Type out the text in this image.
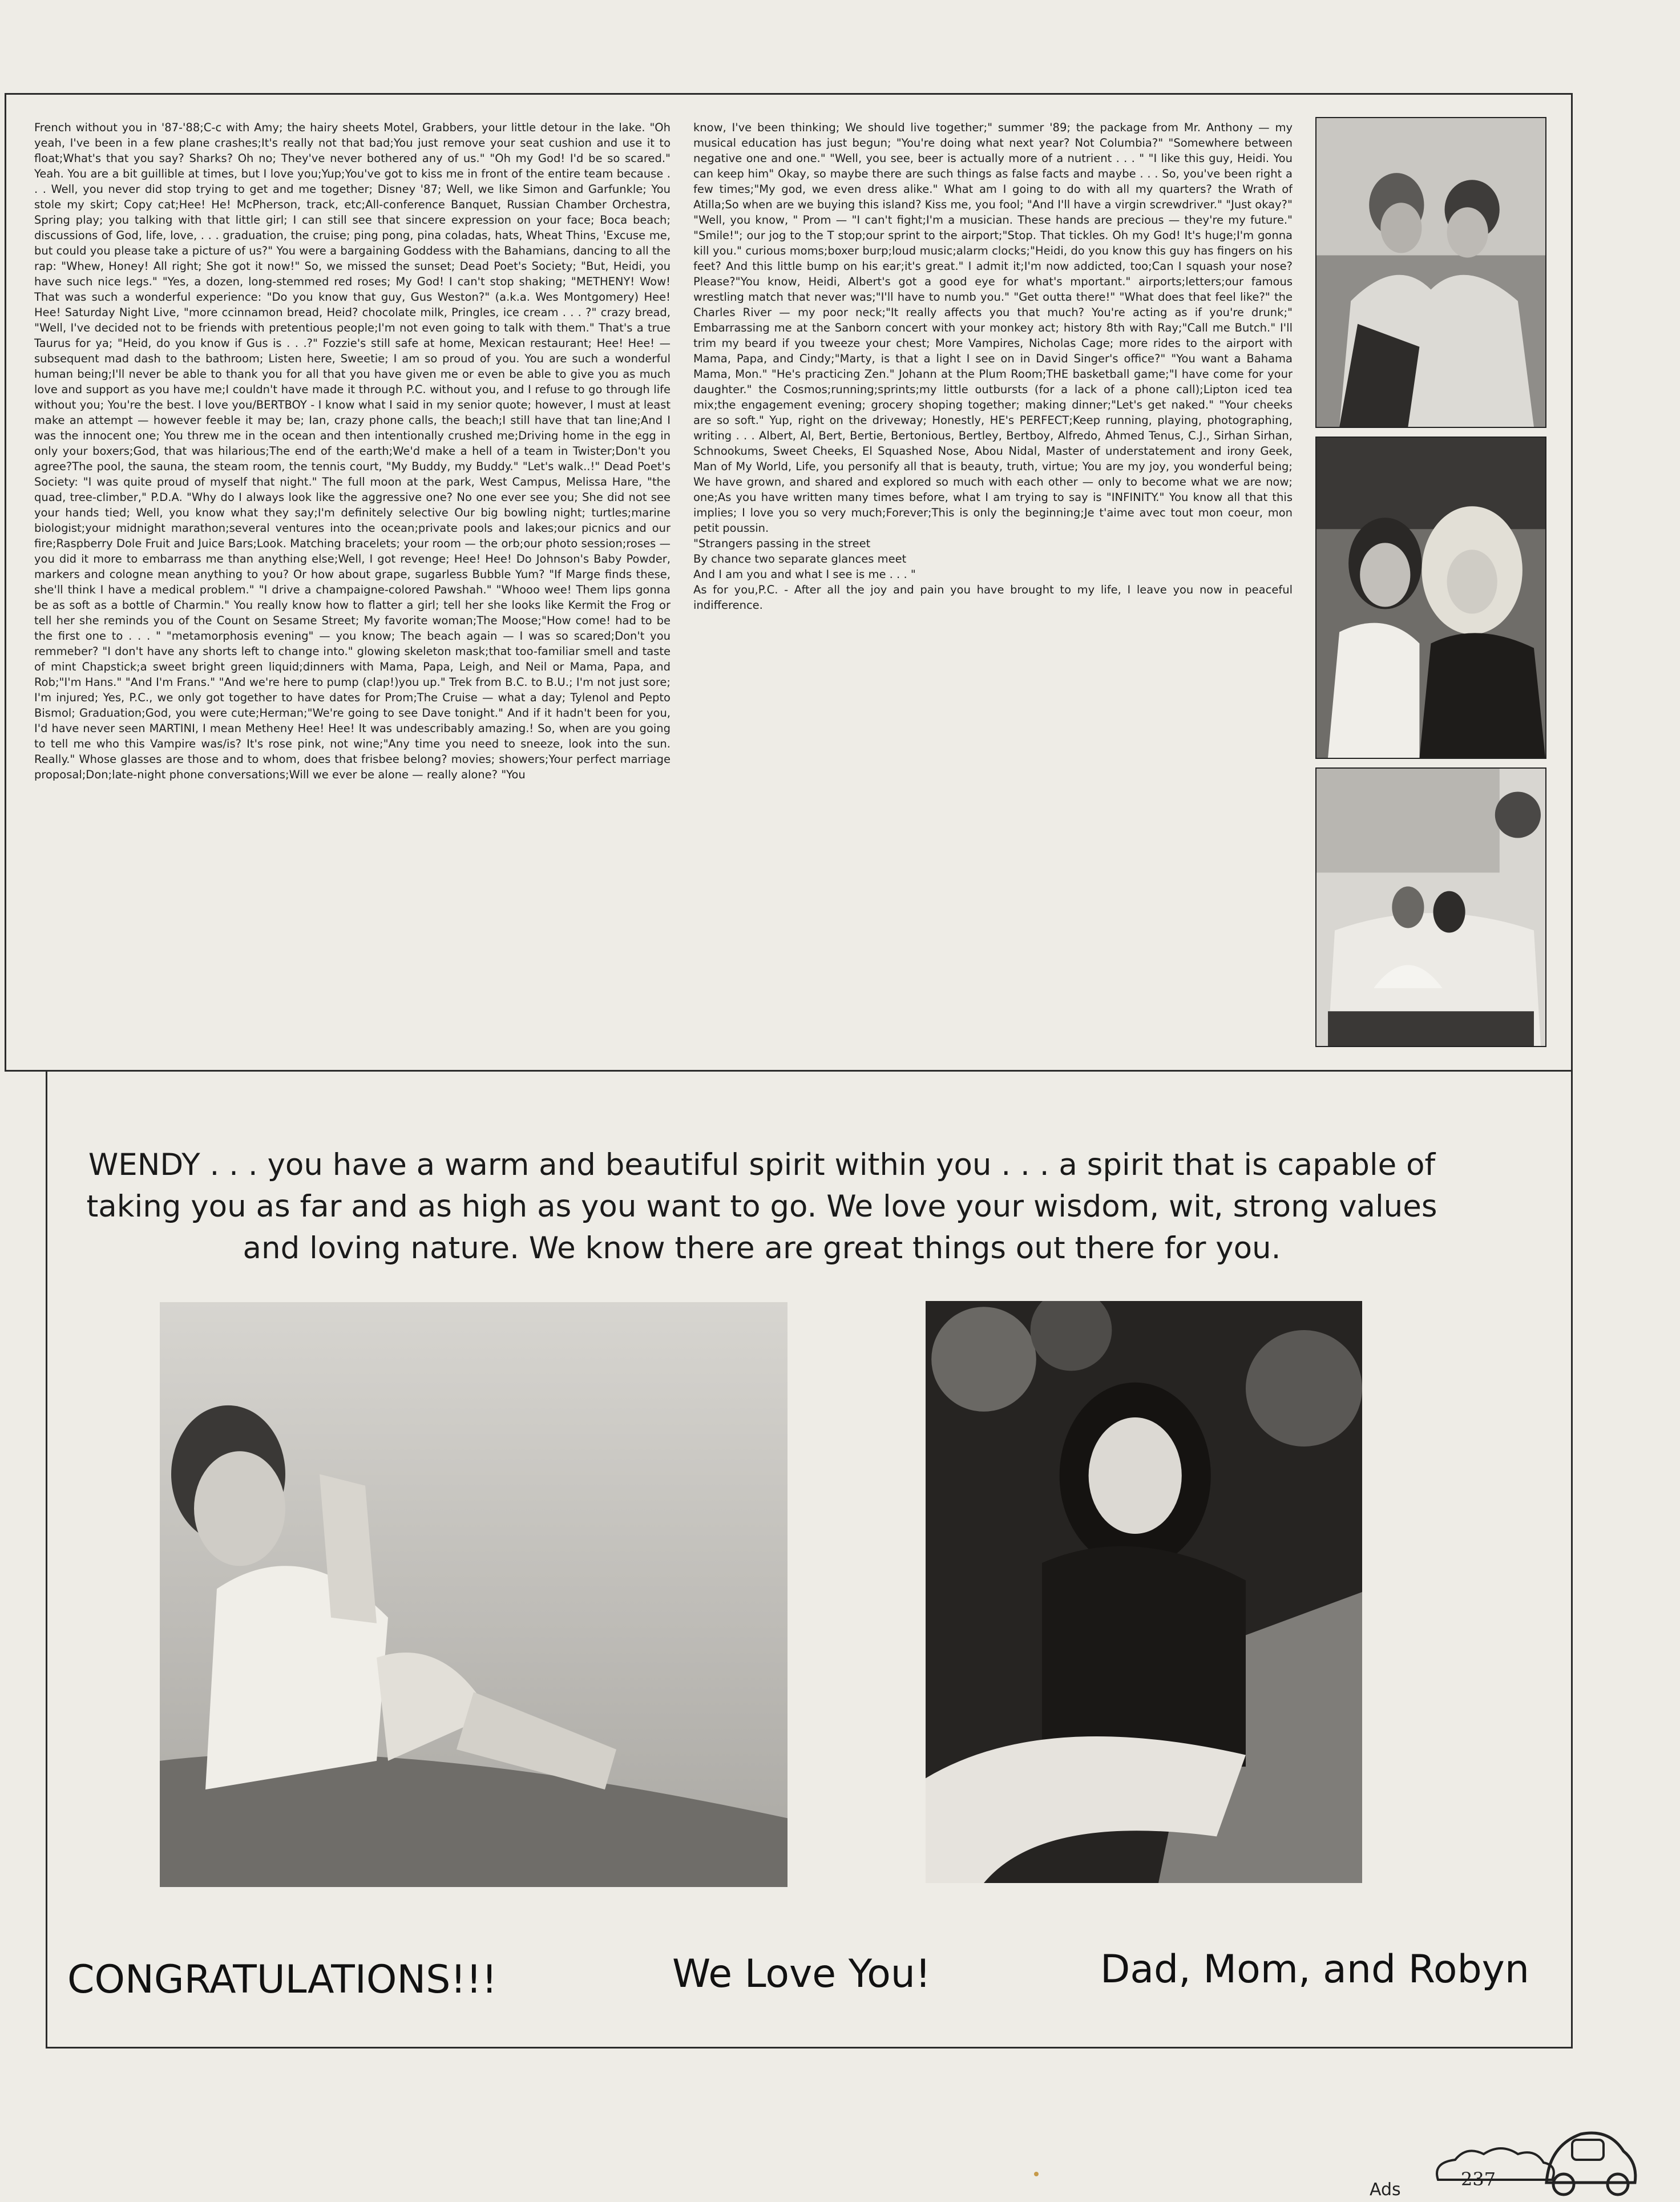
French without you in '87-'88;C-c with Amy; the hairy sheets Motel, Grabbers, your little detour in the lake. "Oh yeah, I've been in a few plane crashes;It's really not that bad;You just remove your seat cushion and use it to float;What's that you say? Sharks? Oh no; They've never bothered any of us." "Oh my God! I'd be so scared." Yeah. You are a bit guillible at times, but I love you;Yup;You've got to kiss me in front of the entire team because . . . Well, you never did stop trying to get and me together; Disney '87; Well, we like Simon and Garfunkle; You stole my skirt; Copy cat;Hee! He! McPherson, track, etc;All-conference Banquet, Russian Chamber Orchestra, Spring play; you talking with that little girl; I can still see that sincere expression on your face; Boca beach; discussions of God, life, love, . . . graduation, the cruise; ping pong, pina coladas, hats, Wheat Thins, 'Excuse me, but could you please take a picture of us?" You were a bargaining Goddess with the Bahamians, dancing to all the rap: "Whew, Honey! All right; She got it now!" So, we missed the sunset; Dead Poet's Society; "But, Heidi, you have such nice legs." "Yes, a dozen, long-stemmed red roses; My God! I can't stop shaking; "METHENY! Wow! That was such a wonderful experience: "Do you know that guy, Gus Weston?" (a.k.a. Wes Montgomery) Hee! Hee! Saturday Night Live, "more ccinnamon bread, Heid? chocolate milk, Pringles, ice cream . . . ?" crazy bread, "Well, I've decided not to be friends with pretentious people;I'm not even going to talk with them." That's a true Taurus for ya; "Heid, do you know if Gus is . . .?" Fozzie's still safe at home, Mexican restaurant; Hee! Hee! — subsequent mad dash to the bathroom; Listen here, Sweetie; I am so proud of you. You are such a wonderful human being;I'll never be able to thank you for all that you have given me or even be able to give you as much love and support as you have me;I couldn't have made it through P.C. without you, and I refuse to go through life without you; You're the best. I love you/BERTBOY - I know what I said in my senior quote; however, I must at least make an attempt — however feeble it may be; Ian, crazy phone calls, the beach;I still have that tan line;And I was the innocent one; You threw me in the ocean and then intentionally crushed me;Driving home in the egg in only your boxers;God, that was hilarious;The end of the earth;We'd make a hell of a team in Twister;Don't you agree?The pool, the sauna, the steam room, the tennis court, "My Buddy, my Buddy." "Let's walk..!" Dead Poet's Society: "I was quite proud of myself that night." The full moon at the park, West Campus, Melissa Hare, "the quad, tree-climber," P.D.A. "Why do I always look like the aggressive one? No one ever see you; She did not see your hands tied; Well, you know what they say;I'm definitely selective Our big bowling night; turtles;marine biologist;your midnight marathon;several ventures into the ocean;private pools and lakes;our picnics and our fire;Raspberry Dole Fruit and Juice Bars;Look. Matching bracelets; your room — the orb;our photo session;roses — you did it more to embarrass me than anything else;Well, I got revenge; Hee! Hee! Do Johnson's Baby Powder, markers and cologne mean anything to you? Or how about grape, sugarless Bubble Yum? "If Marge finds these, she'll think I have a medical problem." "I drive a champaigne-colored Pawshah." "Whooo wee! Them lips gonna be as soft as a bottle of Charmin." You really know how to flatter a girl; tell her she looks like Kermit the Frog or tell her she reminds you of the Count on Sesame Street; My favorite woman;The Moose;"How come! had to be the first one to . . . " "metamorphosis evening" — you know; The beach again — I was so scared;Don't you remmeber? "I don't have any shorts left to change into." glowing skeleton mask;that too-familiar smell and taste of mint Chapstick;a sweet bright green liquid;dinners with Mama, Papa, Leigh, and Neil or Mama, Papa, and Rob;"I'm Hans." "And I'm Frans." "And we're here to pump (clap!)you up." Trek from B.C. to B.U.; I'm not just sore; I'm injured; Yes, P.C., we only got together to have dates for Prom;The Cruise — what a day; Tylenol and Pepto Bismol; Graduation;God, you were cute;Herman;"We're going to see Dave tonight." And if it hadn't been for you, I'd have never seen MARTINI, I mean Metheny Hee! Hee! It was undescribably amazing.! So, when are you going to tell me who this Vampire was/is? It's rose pink, not wine;"Any time you need to sneeze, look into the sun. Really." Whose glasses are those and to whom, does that frisbee belong? movies; showers;Your perfect marriage proposal;Don;late-night phone conversations;Will we ever be alone — really alone? "You
know, I've been thinking; We should live together;" summer '89; the package from Mr. Anthony — my musical education has just begun; "You're doing what next year? Not Columbia?" "Somewhere between negative one and one." "Well, you see, beer is actually more of a nutrient . . . " "I like this guy, Heidi. You can keep him" Okay, so maybe there are such things as false facts and maybe . . . So, you've been right a few times;"My god, we even dress alike." What am I going to do with all my quarters? the Wrath of Atilla;So when are we buying this island? Kiss me, you fool; "And I'll have a virgin screwdriver." "Just okay?" "Well, you know, " Prom — "I can't fight;I'm a musician. These hands are precious — they're my future." "Smile!"; our jog to the T stop;our sprint to the airport;"Stop. That tickles. Oh my God! It's huge;I'm gonna kill you." curious moms;boxer burp;loud music;alarm clocks;"Heidi, do you know this guy has fingers on his feet? And this little bump on his ear;it's great." I admit it;I'm now addicted, too;Can I squash your nose? Please?"You know, Heidi, Albert's got a good eye for what's mportant." airports;letters;our famous wrestling match that never was;"I'll have to numb you." "Get outta there!" "What does that feel like?" the Charles River — my poor neck;"It really affects you that much? You're acting as if you're drunk;" Embarrassing me at the Sanborn concert with your monkey act; history 8th with Ray;"Call me Butch." I'll trim my beard if you tweeze your chest; More Vampires, Nicholas Cage; more rides to the airport with Mama, Papa, and Cindy;"Marty, is that a light I see on in David Singer's office?" "You want a Bahama Mama, Mon." "He's practicing Zen." Johann at the Plum Room;THE basketball game;"I have come for your daughter." the Cosmos;running;sprints;my little outbursts (for a lack of a phone call);Lipton iced tea mix;the engagement evening; grocery shoping together; making dinner;"Let's get naked." "Your cheeks are so soft." Yup, right on the driveway; Honestly, HE's PERFECT;Keep running, playing, photographing, writing . . . Albert, Al, Bert, Bertie, Bertonious, Bertley, Bertboy, Alfredo, Ahmed Tenus, C.J., Sirhan Sirhan, Schnookums, Sweet Cheeks, El Squashed Nose, Abou Nidal, Master of understatement and irony Geek, Man of My World, Life, you personify all that is beauty, truth, virtue; You are my joy, you wonderful being; We have grown, and shared and explored so much with each other — only to become what we are now; one;As you have written many times before, what I am trying to say is "INFINITY." You know all that this implies; I love you so very much;Forever;This is only the beginning;Je t'aime avec tout mon coeur, mon petit poussin.
"Strangers passing in the street
By chance two separate glances meet
And I am you and what I see is me . . . "
As for you,P.C. - After all the joy and pain you have brought to my life, I leave you now in peaceful indifference.
WENDY . . . you have a warm and beautiful spirit within you . . . a spirit that is capable of taking you as far and as high as you want to go. We love your wisdom, wit, strong values and loving nature. We know there are great things out there for you.
CONGRATULATIONS!!!	We Love You!	Dad, Mom, and Robyn
Ads	237
